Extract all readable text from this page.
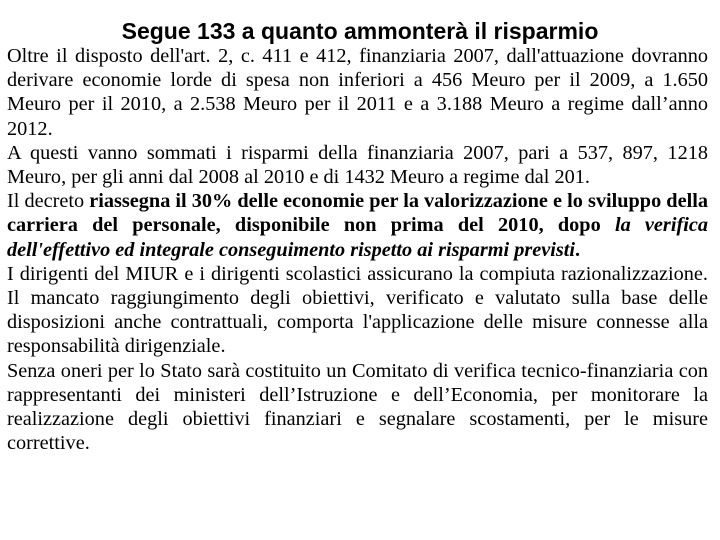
Segue 133 a quanto ammonterà il risparmio

Oltre il disposto dell'art. 2, c. 411 e 412, finanziaria 2007, dall'attuazione dovranno derivare economie lorde di spesa non inferiori a 456 Meuro per il 2009, a 1.650 Meuro per il 2010, a 2.538 Meuro per il 2011 e a 3.188 Meuro a regime dall’anno 2012.

A questi vanno sommati i risparmi della finanziaria 2007, pari a 537, 897, 1218 Meuro, per gli anni dal 2008 al 2010 e di 1432 Meuro a regime dal 201.

Il decreto riassegna il 30% delle economie per la valorizzazione e lo sviluppo della carriera del personale, disponibile non prima del 2010, dopo la verifica dell'effettivo ed integrale conseguimento rispetto ai risparmi previsti.

I dirigenti del MIUR e i dirigenti scolastici assicurano la compiuta razionalizzazione. Il mancato raggiungimento degli obiettivi, verificato e valutato sulla base delle disposizioni anche contrattuali, comporta l'applicazione delle misure connesse alla responsabilità dirigenziale.

Senza oneri per lo Stato sarà costituito un Comitato di verifica tecnico-finanziaria con rappresentanti dei ministeri dell’Istruzione e dell’Economia, per monitorare la realizzazione degli obiettivi finanziari e segnalare scostamenti, per le misure correttive.
